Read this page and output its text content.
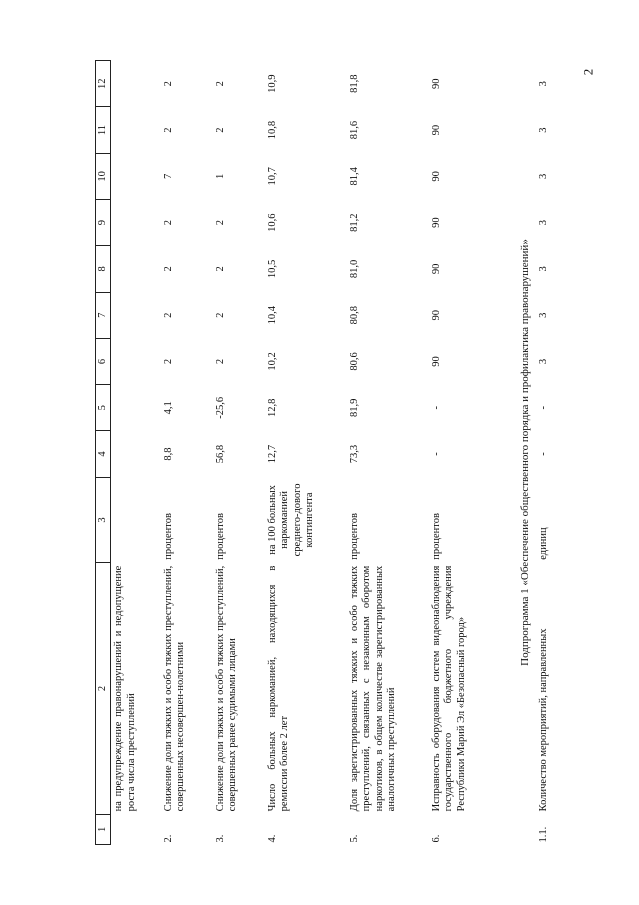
2
1	2	3	4	5	6	7	8	9	10	11	12
	на предупреждение правонарушений и недопущение роста числа преступлений										
2.	Снижение доли тяжких и особо тяжких преступлений, совершенных несовершен-нолетними	процентов	8,8	4,1	2	2	2	2	7	2	2
3.	Снижение доли тяжких и особо тяжких преступлений, совершенных ранее судимыми лицами	процентов	56,8	-25,6	2	2	2	2	1	2	2
4.	Число больных наркоманией, находящихся в ремиссии более 2 лет	на 100 больных наркоманией среднего-дового контингента	12,7	12,8	10,2	10,4	10,5	10,6	10,7	10,8	10,9
5.	Доля зарегистрированных тяжких и особо тяжких преступлений, связанных с незаконным оборотом наркотиков, в общем количестве зарегистрированных аналогичных преступлений	процентов	73,3	81,9	80,6	80,8	81,0	81,2	81,4	81,6	81,8
6.	Исправность оборудования систем видеонаблюдения государственного бюджетного учреждения Республики Марий Эл «Безопасный город»	процентов	-	-	90	90	90	90	90	90	90
Подпрограмма 1 «Обеспечение общественного порядка и профилактика правонарушений»											
1.1.	Количество мероприятий, направленных	единиц	-	-	3	3	3	3	3	3	3
